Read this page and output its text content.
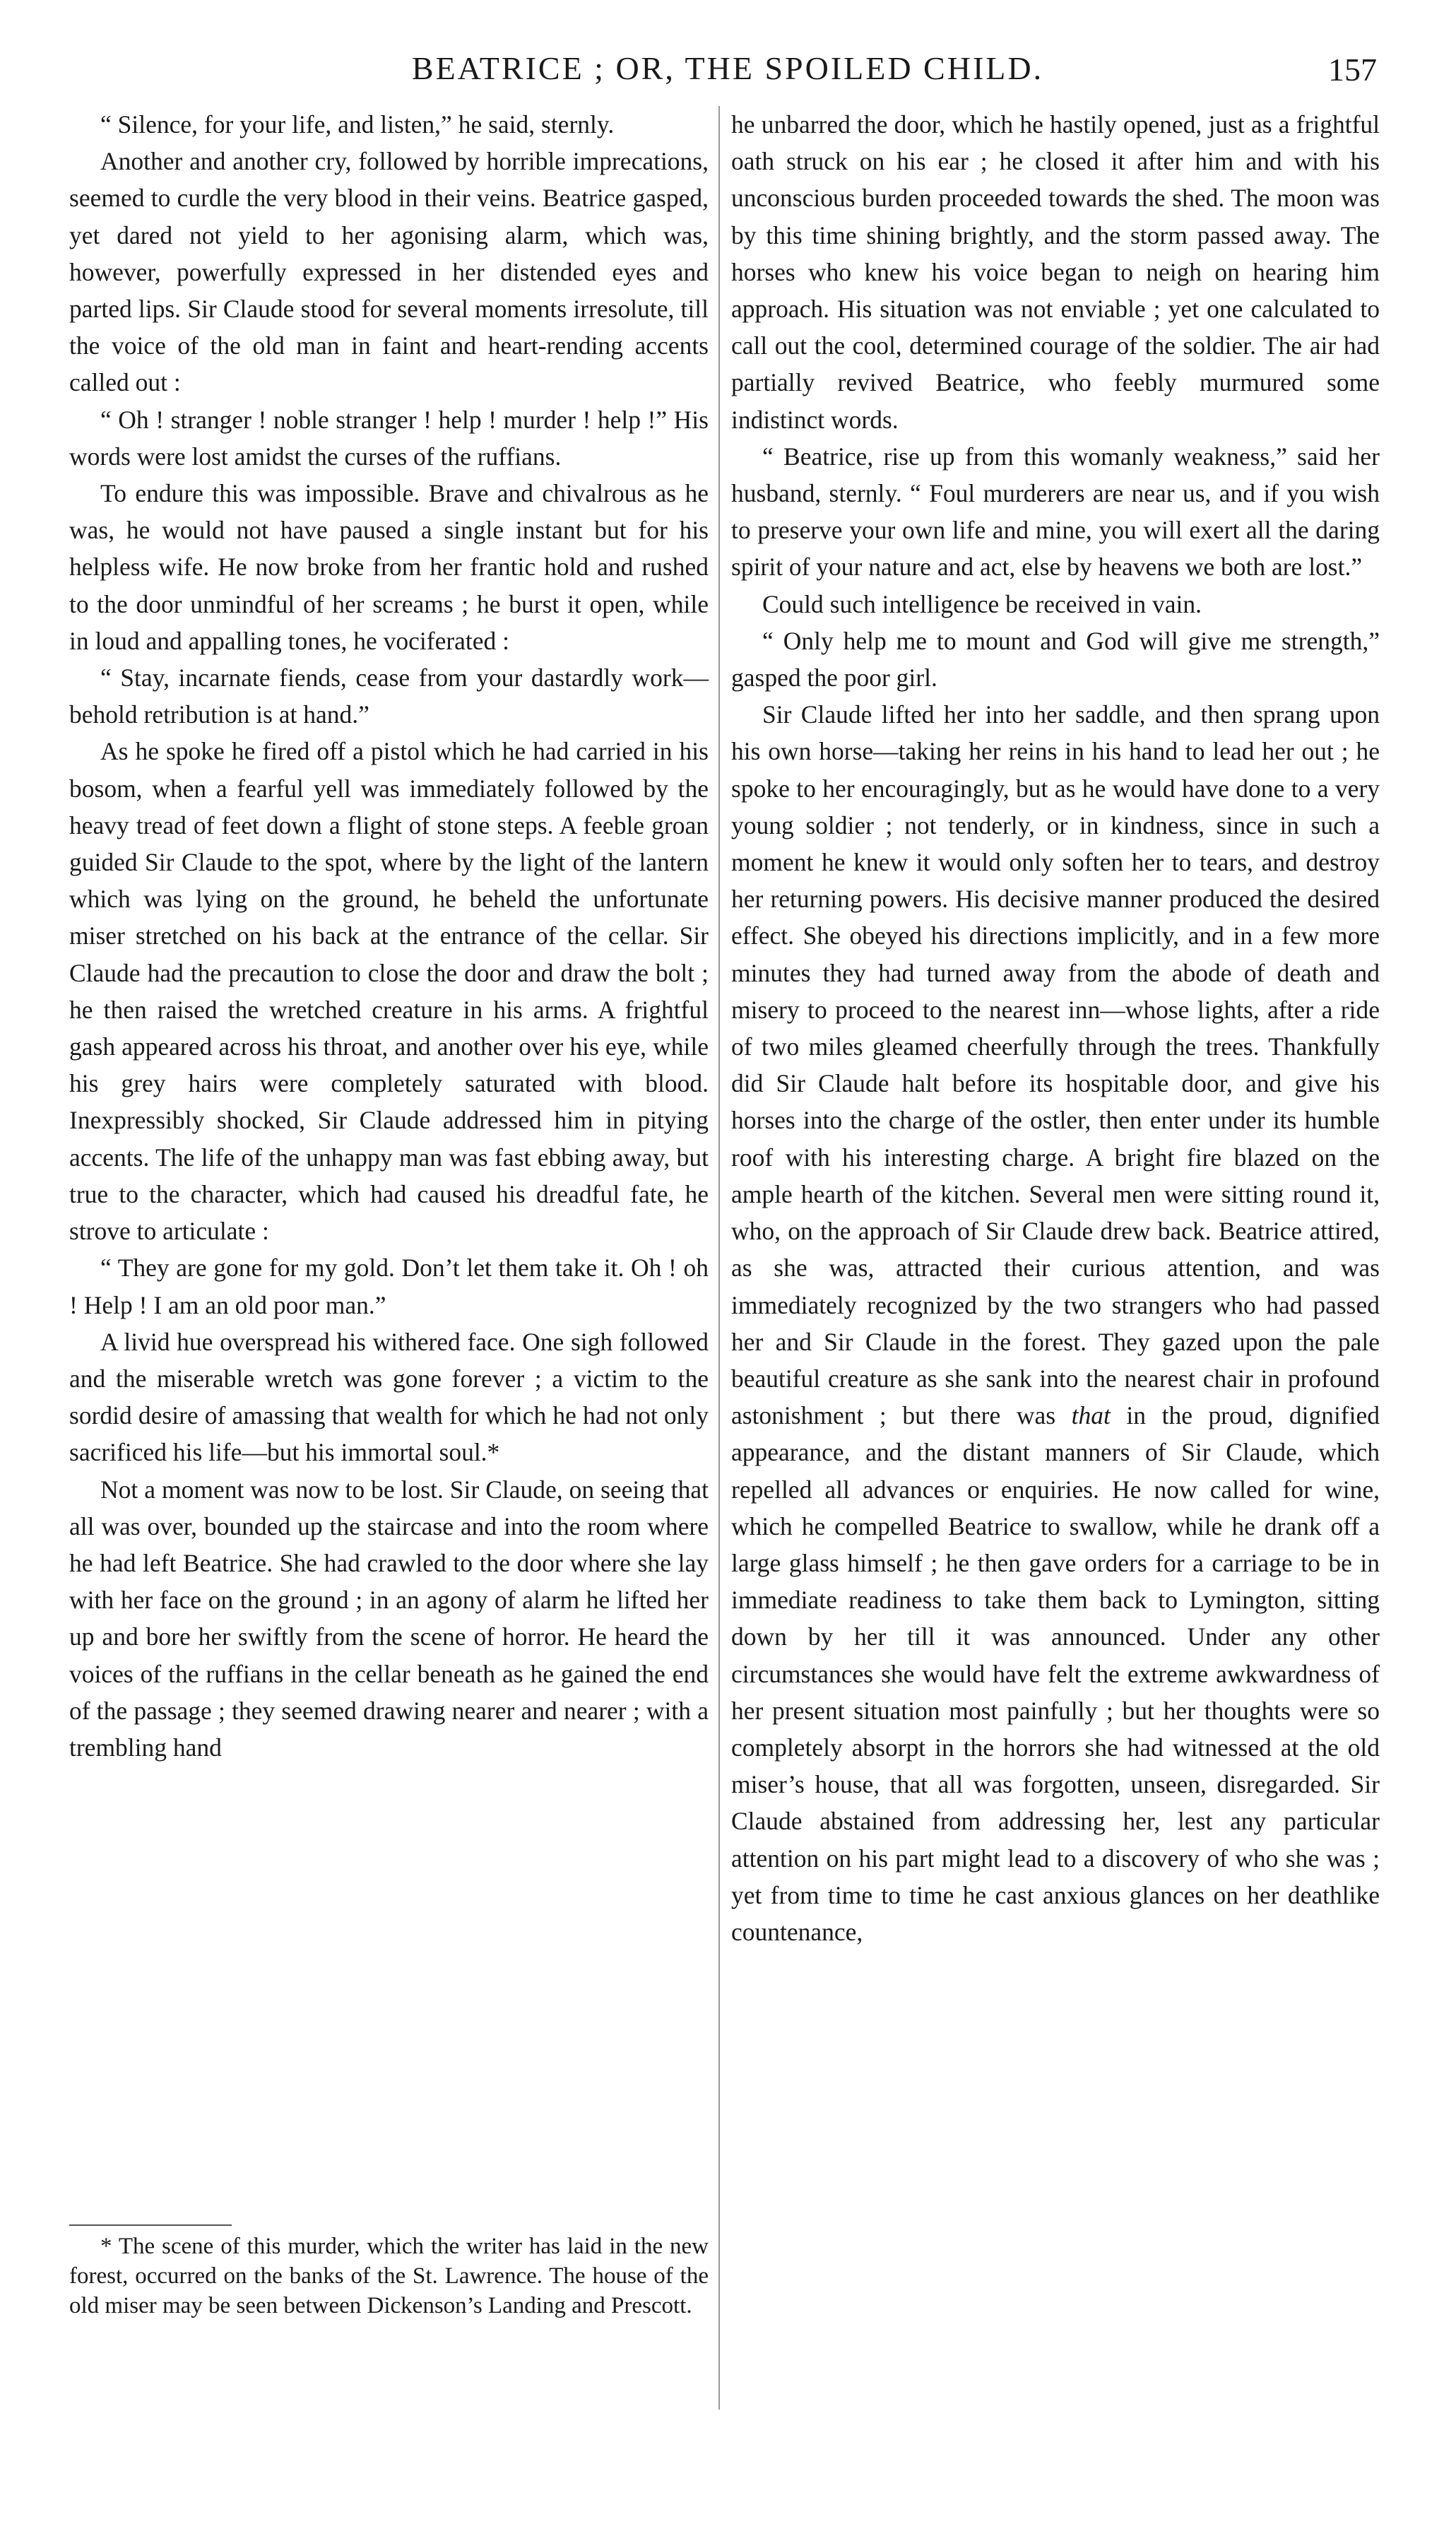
BEATRICE ; OR, THE SPOILED CHILD.	157

“ Silence, for your life, and listen,” he said, sternly.

Another and another cry, followed by horrible imprecations, seemed to curdle the very blood in their veins. Beatrice gasped, yet dared not yield to her agonising alarm, which was, however, powerfully expressed in her distended eyes and parted lips. Sir Claude stood for several moments irresolute, till the voice of the old man in faint and heart-rending accents called out :

“ Oh ! stranger ! noble stranger ! help ! murder ! help !” His words were lost amidst the curses of the ruffians.

To endure this was impossible. Brave and chivalrous as he was, he would not have paused a single instant but for his helpless wife. He now broke from her frantic hold and rushed to the door unmindful of her screams ; he burst it open, while in loud and appalling tones, he vociferated :

“ Stay, incarnate fiends, cease from your dastardly work—behold retribution is at hand.”

As he spoke he fired off a pistol which he had carried in his bosom, when a fearful yell was immediately followed by the heavy tread of feet down a flight of stone steps. A feeble groan guided Sir Claude to the spot, where by the light of the lantern which was lying on the ground, he beheld the unfortunate miser stretched on his back at the entrance of the cellar. Sir Claude had the precaution to close the door and draw the bolt ; he then raised the wretched creature in his arms. A frightful gash appeared across his throat, and another over his eye, while his grey hairs were completely saturated with blood. Inexpressibly shocked, Sir Claude addressed him in pitying accents. The life of the unhappy man was fast ebbing away, but true to the character, which had caused his dreadful fate, he strove to articulate :

“ They are gone for my gold. Don’t let them take it. Oh ! oh ! Help ! I am an old poor man.”

A livid hue overspread his withered face. One sigh followed and the miserable wretch was gone forever ; a victim to the sordid desire of amassing that wealth for which he had not only sacrificed his life—but his immortal soul.*

Not a moment was now to be lost. Sir Claude, on seeing that all was over, bounded up the staircase and into the room where he had left Beatrice. She had crawled to the door where she lay with her face on the ground ; in an agony of alarm he lifted her up and bore her swiftly from the scene of horror. He heard the voices of the ruffians in the cellar beneath as he gained the end of the passage ; they seemed drawing nearer and nearer ; with a trembling hand

he unbarred the door, which he hastily opened, just as a frightful oath struck on his ear ; he closed it after him and with his unconscious burden proceeded towards the shed. The moon was by this time shining brightly, and the storm passed away. The horses who knew his voice began to neigh on hearing him approach. His situation was not enviable ; yet one calculated to call out the cool, determined courage of the soldier. The air had partially revived Beatrice, who feebly murmured some indistinct words.

“ Beatrice, rise up from this womanly weakness,” said her husband, sternly. “ Foul murderers are near us, and if you wish to preserve your own life and mine, you will exert all the daring spirit of your nature and act, else by heavens we both are lost.”

Could such intelligence be received in vain.

“ Only help me to mount and God will give me strength,” gasped the poor girl.

Sir Claude lifted her into her saddle, and then sprang upon his own horse—taking her reins in his hand to lead her out ; he spoke to her encouragingly, but as he would have done to a very young soldier ; not tenderly, or in kindness, since in such a moment he knew it would only soften her to tears, and destroy her returning powers. His decisive manner produced the desired effect. She obeyed his directions implicitly, and in a few more minutes they had turned away from the abode of death and misery to proceed to the nearest inn—whose lights, after a ride of two miles gleamed cheerfully through the trees. Thankfully did Sir Claude halt before its hospitable door, and give his horses into the charge of the ostler, then enter under its humble roof with his interesting charge. A bright fire blazed on the ample hearth of the kitchen. Several men were sitting round it, who, on the approach of Sir Claude drew back. Beatrice attired, as she was, attracted their curious attention, and was immediately recognized by the two strangers who had passed her and Sir Claude in the forest. They gazed upon the pale beautiful creature as she sank into the nearest chair in profound astonishment ; but there was that in the proud, dignified appearance, and the distant manners of Sir Claude, which repelled all advances or enquiries. He now called for wine, which he compelled Beatrice to swallow, while he drank off a large glass himself ; he then gave orders for a carriage to be in immediate readiness to take them back to Lymington, sitting down by her till it was announced. Under any other circumstances she would have felt the extreme awkwardness of her present situation most painfully ; but her thoughts were so completely absorpt in the horrors she had witnessed at the old miser’s house, that all was forgotten, unseen, disregarded. Sir Claude abstained from addressing her, lest any particular attention on his part might lead to a discovery of who she was ; yet from time to time he cast anxious glances on her deathlike countenance,

* The scene of this murder, which the writer has laid in the new forest, occurred on the banks of the St. Lawrence. The house of the old miser may be seen between Dickenson’s Landing and Prescott.
